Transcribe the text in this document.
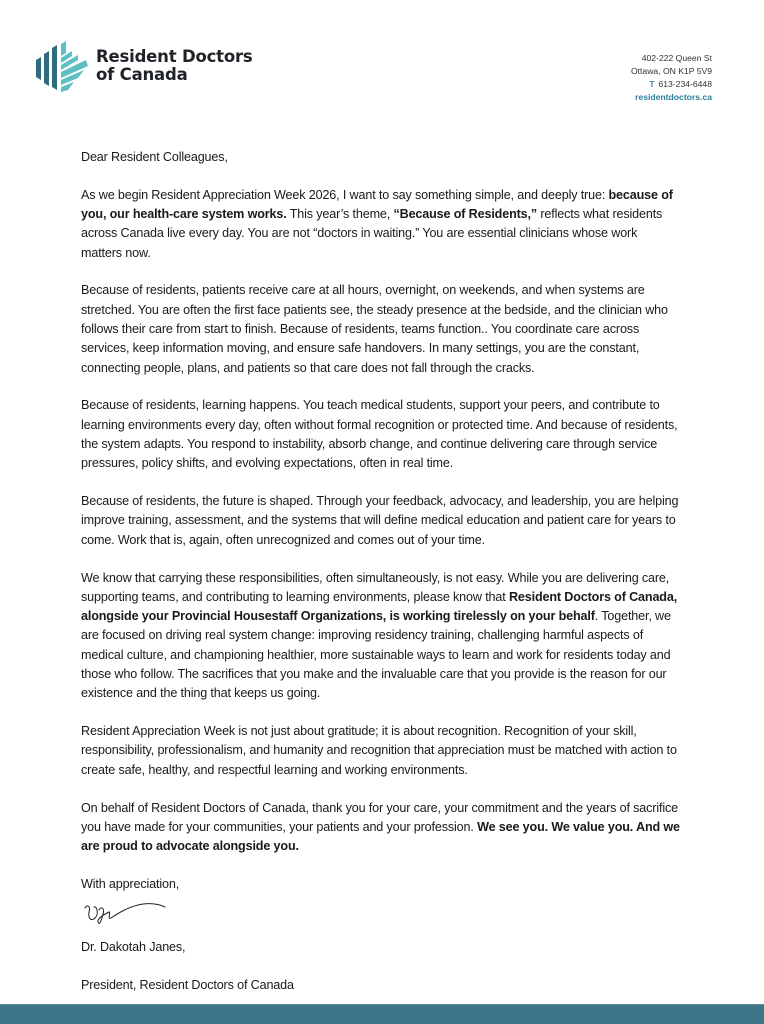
Resident Doctors
of Canada
402-222 Queen St
Ottawa, ON K1P 5V9
T 613-234-6448
residentdoctors.ca

Dear Resident Colleagues,

As we begin Resident Appreciation Week 2026, I want to say something simple, and deeply true: because of you, our health-care system works. This year’s theme, “Because of Residents,” reflects what residents across Canada live every day. You are not “doctors in waiting.” You are essential clinicians whose work matters now.

Because of residents, patients receive care at all hours, overnight, on weekends, and when systems are stretched. You are often the first face patients see, the steady presence at the bedside, and the clinician who follows their care from start to finish. Because of residents, teams function.. You coordinate care across services, keep information moving, and ensure safe handovers. In many settings, you are the constant, connecting people, plans, and patients so that care does not fall through the cracks.

Because of residents, learning happens. You teach medical students, support your peers, and contribute to learning environments every day, often without formal recognition or protected time. And because of residents, the system adapts. You respond to instability, absorb change, and continue delivering care through service pressures, policy shifts, and evolving expectations, often in real time.

Because of residents, the future is shaped. Through your feedback, advocacy, and leadership, you are helping improve training, assessment, and the systems that will define medical education and patient care for years to come. Work that is, again, often unrecognized and comes out of your time.

We know that carrying these responsibilities, often simultaneously, is not easy. While you are delivering care, supporting teams, and contributing to learning environments, please know that Resident Doctors of Canada, alongside your Provincial Housestaff Organizations, is working tirelessly on your behalf. Together, we are focused on driving real system change: improving residency training, challenging harmful aspects of medical culture, and championing healthier, more sustainable ways to learn and work for residents today and those who follow. The sacrifices that you make and the invaluable care that you provide is the reason for our existence and the thing that keeps us going.

Resident Appreciation Week is not just about gratitude; it is about recognition. Recognition of your skill, responsibility, professionalism, and humanity and recognition that appreciation must be matched with action to create safe, healthy, and respectful learning and working environments.

On behalf of Resident Doctors of Canada, thank you for your care, your commitment and the years of sacrifice you have made for your communities, your patients and your profession. We see you. We value you. And we are proud to advocate alongside you.

With appreciation,

Dr. Dakotah Janes,

President, Resident Doctors of Canada
